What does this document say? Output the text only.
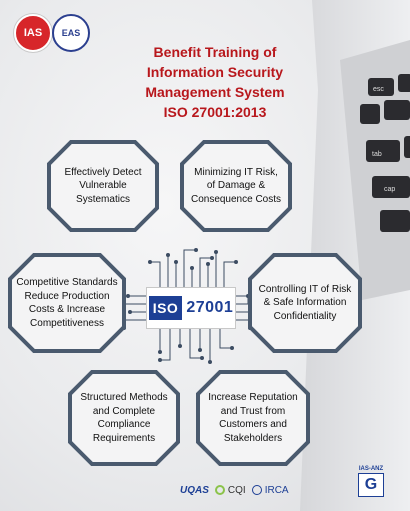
esc
tab
cap
IAS EAS
Benefit Training of
Information Security
Management System
ISO 27001:2013
Effectively Detect Vulnerable Systematics
Minimizing IT Risk, of Damage & Consequence Costs
Competitive Standards Reduce Production Costs & Increase Competitiveness
Controlling IT of Risk & Safe Information Confidentiality
Structured Methods and Complete Compliance Requirements
Increase Reputation and Trust from Customers and Stakeholders
ISO 27001
UQAS CQI IRCA
IAS-ANZ
G
